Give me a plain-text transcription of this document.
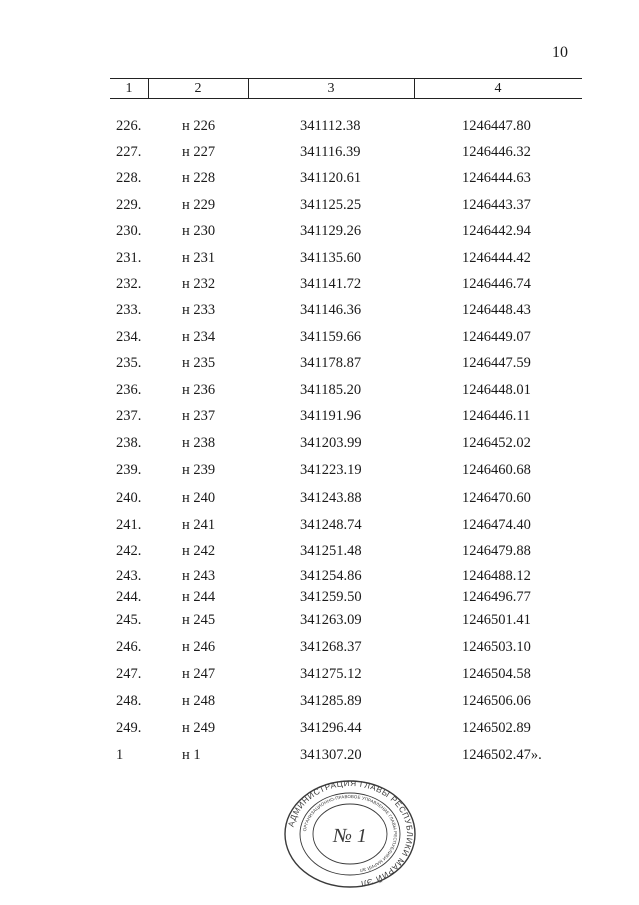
10
1	2	3	4
226.	н 226	341112.38	1246447.80
227.	н 227	341116.39	1246446.32
228.	н 228	341120.61	1246444.63
229.	н 229	341125.25	1246443.37
230.	н 230	341129.26	1246442.94
231.	н 231	341135.60	1246444.42
232.	н 232	341141.72	1246446.74
233.	н 233	341146.36	1246448.43
234.	н 234	341159.66	1246449.07
235.	н 235	341178.87	1246447.59
236.	н 236	341185.20	1246448.01
237.	н 237	341191.96	1246446.11
238.	н 238	341203.99	1246452.02
239.	н 239	341223.19	1246460.68
240.	н 240	341243.88	1246470.60
241.	н 241	341248.74	1246474.40
242.	н 242	341251.48	1246479.88
243.	н 243	341254.86	1246488.12
244.	н 244	341259.50	1246496.77
245.	н 245	341263.09	1246501.41
246.	н 246	341268.37	1246503.10
247.	н 247	341275.12	1246504.58
248.	н 248	341285.89	1246506.06
249.	н 249	341296.44	1246502.89
1	н 1	341307.20	1246502.47».
АДМИНИСТРАЦИЯ ГЛАВЫ РЕСПУБЛИКИ МАРИЙ ЭЛ
ОРГАНИЗАЦИОННО-ПРАВОВОЕ УПРАВЛЕНИЕ ГЛАВЫ РЕСПУБЛИКИ МАРИЙ ЭЛ
№ 1
